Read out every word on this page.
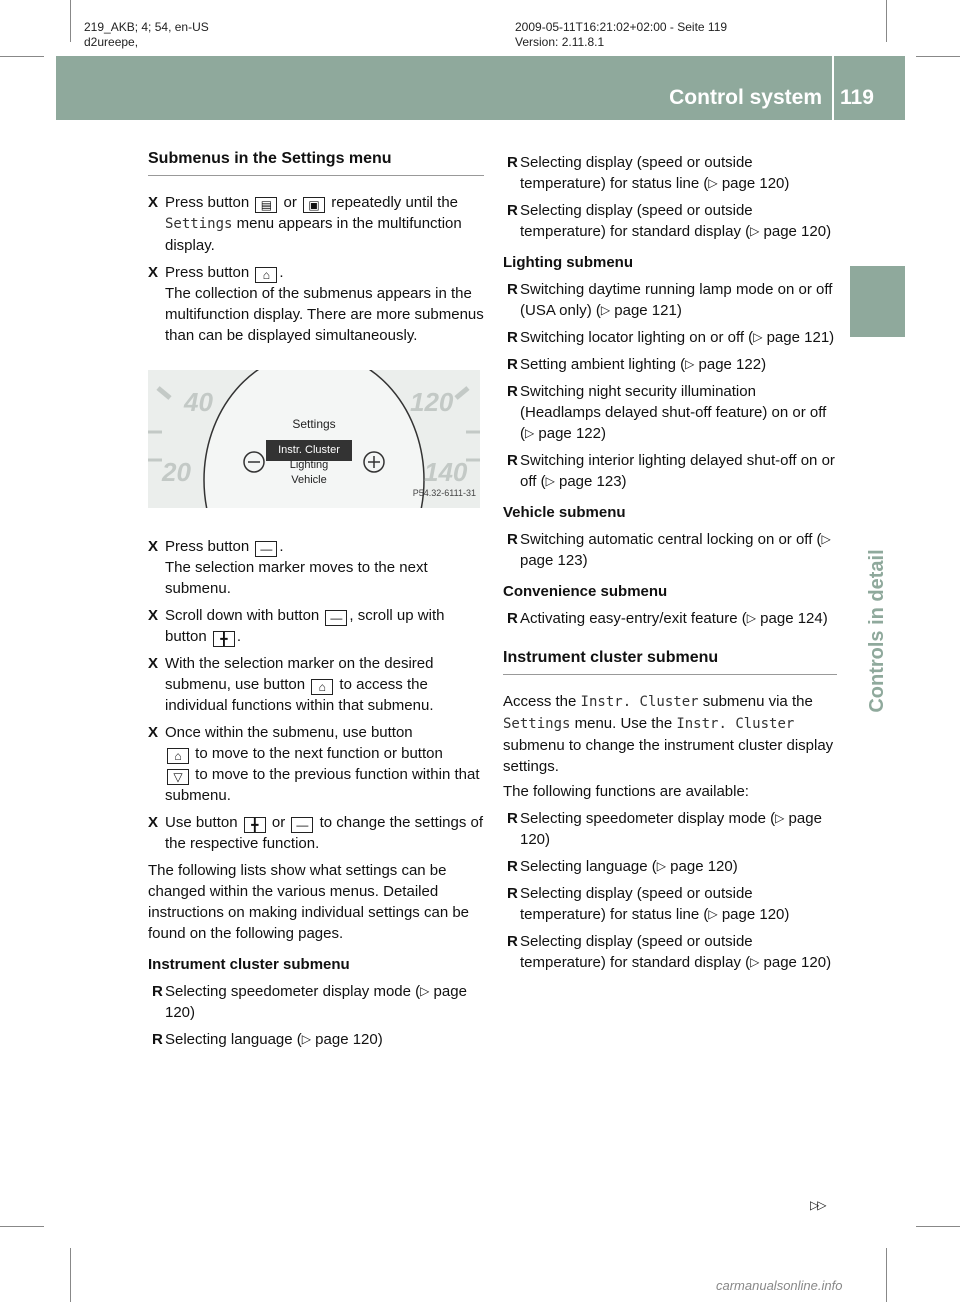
219_AKB; 4; 54, en-US
d2ureepe,
2009-05-11T16:21:02+02:00 - Seite 119
Version: 2.11.8.1
Control system 119
Controls in detail
Submenus in the Settings menu
X Press button ▤ or ▣ repeatedly until the Settings menu appears in the multifunction display.
X Press button ⌂ .
The collection of the submenus appears in the multifunction display. There are more submenus than can be displayed simultaneously.
40	120
20	140
Settings
Instr. Cluster
Lighting
Vehicle
P54.32-6111-31
X Press button — .
The selection marker moves to the next submenu.
X Scroll down with button — , scroll up with button ╋ .
X With the selection marker on the desired submenu, use button ⌂ to access the individual functions within that submenu.
X Once within the submenu, use button
⌂ to move to the next function or button
▽ to move to the previous function within that submenu.
X Use button ╋ or — to change the settings of the respective function.
The following lists show what settings can be changed within the various menus. Detailed instructions on making individual settings can be found on the following pages.
Instrument cluster submenu
R Selecting speedometer display mode (▷ page 120)
R Selecting language (▷ page 120)
R Selecting display (speed or outside temperature) for status line (▷ page 120)
R Selecting display (speed or outside temperature) for standard display (▷ page 120)
Lighting submenu
R Switching daytime running lamp mode on or off (USA only) (▷ page 121)
R Switching locator lighting on or off (▷ page 121)
R Setting ambient lighting (▷ page 122)
R Switching night security illumination (Headlamps delayed shut-off feature) on or off (▷ page 122)
R Switching interior lighting delayed shut-off on or off (▷ page 123)
Vehicle submenu
R Switching automatic central locking on or off (▷ page 123)
Convenience submenu
R Activating easy-entry/exit feature (▷ page 124)
Instrument cluster submenu
Access the Instr. Cluster submenu via the Settings menu. Use the Instr. Cluster submenu to change the instrument cluster display settings.
The following functions are available:
R Selecting speedometer display mode (▷ page 120)
R Selecting language (▷ page 120)
R Selecting display (speed or outside temperature) for status line (▷ page 120)
R Selecting display (speed or outside temperature) for standard display (▷ page 120)
▷▷
carmanualsonline.info
